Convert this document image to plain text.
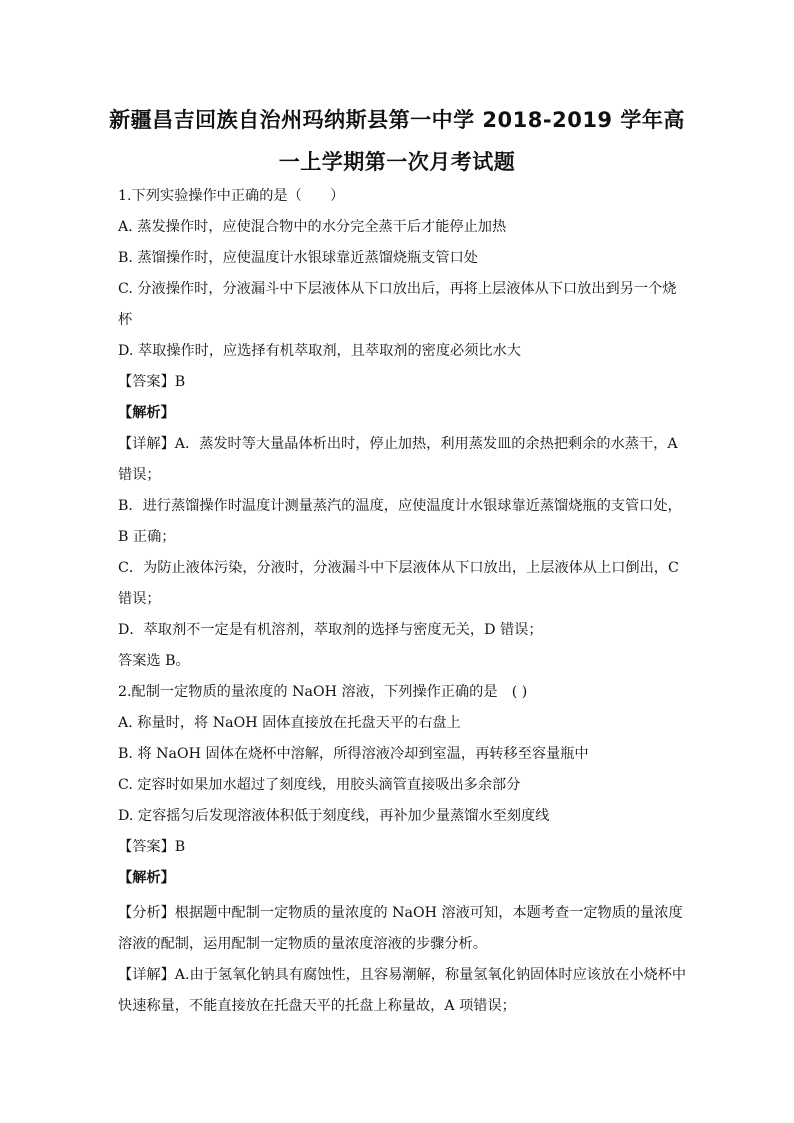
新疆昌吉回族自治州玛纳斯县第一中学 2018-2019 学年高
一上学期第一次月考试题
1.下列实验操作中正确的是（　　）
A. 蒸发操作时，应使混合物中的水分完全蒸干后才能停止加热
B. 蒸馏操作时，应使温度计水银球靠近蒸馏烧瓶支管口处
C. 分液操作时，分液漏斗中下层液体从下口放出后，再将上层液体从下口放出到另一个烧
杯
D. 萃取操作时，应选择有机萃取剂，且萃取剂的密度必须比水大
【答案】B
【解析】
【详解】A．蒸发时等大量晶体析出时，停止加热，利用蒸发皿的余热把剩余的水蒸干，A
错误；
B．进行蒸馏操作时温度计测量蒸汽的温度，应使温度计水银球靠近蒸馏烧瓶的支管口处，
B 正确；
C．为防止液体污染，分液时，分液漏斗中下层液体从下口放出，上层液体从上口倒出，C
错误；
D．萃取剂不一定是有机溶剂，萃取剂的选择与密度无关，D 错误；
答案选 B。
2.配制一定物质的量浓度的 NaOH 溶液，下列操作正确的是　( )
A. 称量时，将 NaOH 固体直接放在托盘天平的右盘上
B. 将 NaOH 固体在烧杯中溶解，所得溶液冷却到室温，再转移至容量瓶中
C. 定容时如果加水超过了刻度线，用胶头滴管直接吸出多余部分
D. 定容摇匀后发现溶液体积低于刻度线，再补加少量蒸馏水至刻度线
【答案】B
【解析】
【分析】根据题中配制一定物质的量浓度的 NaOH 溶液可知，本题考查一定物质的量浓度
溶液的配制，运用配制一定物质的量浓度溶液的步骤分析。
【详解】A.由于氢氧化钠具有腐蚀性，且容易潮解，称量氢氧化钠固体时应该放在小烧杯中
快速称量，不能直接放在托盘天平的托盘上称量故，A 项错误；
